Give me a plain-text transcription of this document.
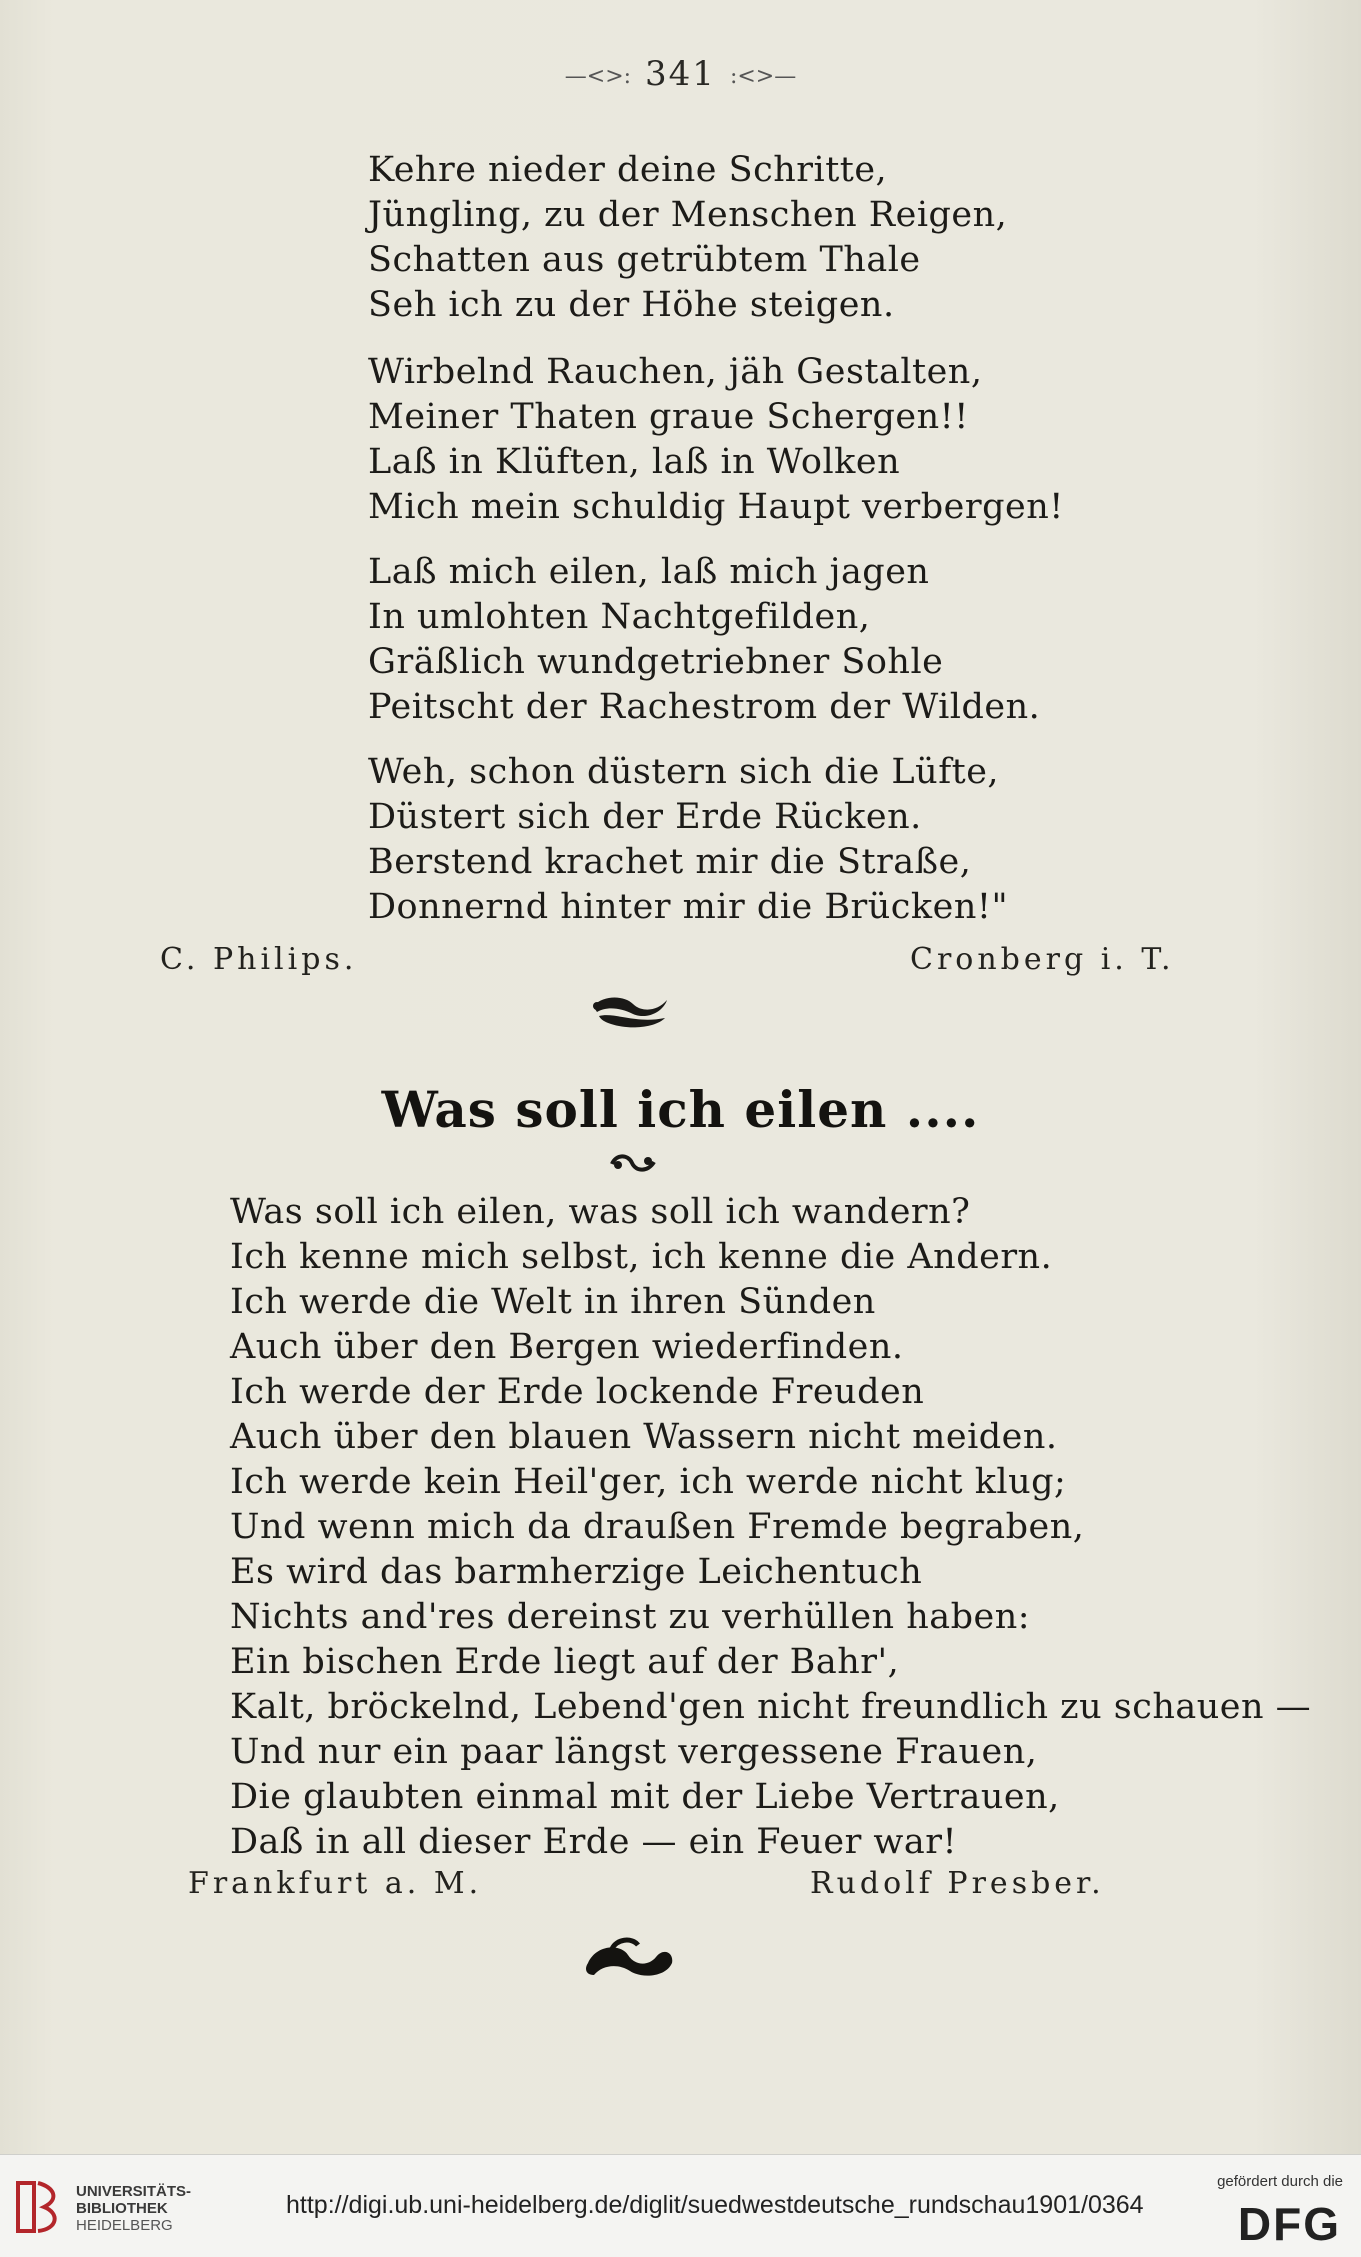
—<>: 341 :<>—
Kehre nieder deine Schritte,
Jüngling, zu der Menschen Reigen,
Schatten aus getrübtem Thale
Seh ich zu der Höhe steigen.
Wirbelnd Rauchen, jäh Gestalten,
Meiner Thaten graue Schergen!!
Laß in Klüften, laß in Wolken
Mich mein schuldig Haupt verbergen!
Laß mich eilen, laß mich jagen
In umlohten Nachtgefilden,
Gräßlich wundgetriebner Sohle
Peitscht der Rachestrom der Wilden.
Weh, schon düstern sich die Lüfte,
Düstert sich der Erde Rücken.
Berstend krachet mir die Straße,
Donnernd hinter mir die Brücken!"
C. Philips.	Cronberg i. T.
Was soll ich eilen ....
Was soll ich eilen, was soll ich wandern?
Ich kenne mich selbst, ich kenne die Andern.
Ich werde die Welt in ihren Sünden
Auch über den Bergen wiederfinden.
Ich werde der Erde lockende Freuden
Auch über den blauen Wassern nicht meiden.
Ich werde kein Heil'ger, ich werde nicht klug;
Und wenn mich da draußen Fremde begraben,
Es wird das barmherzige Leichentuch
Nichts and'res dereinst zu verhüllen haben:
Ein bischen Erde liegt auf der Bahr',
Kalt, bröckelnd, Lebend'gen nicht freundlich zu schauen —
Und nur ein paar längst vergessene Frauen,
Die glaubten einmal mit der Liebe Vertrauen,
Daß in all dieser Erde — ein Feuer war!
Frankfurt a. M.	Rudolf Presber.
UNIVERSITÄTS-
BIBLIOTHEK
HEIDELBERG
http://digi.ub.uni-heidelberg.de/diglit/suedwestdeutsche_rundschau1901/0364
gefördert durch die
DFG
